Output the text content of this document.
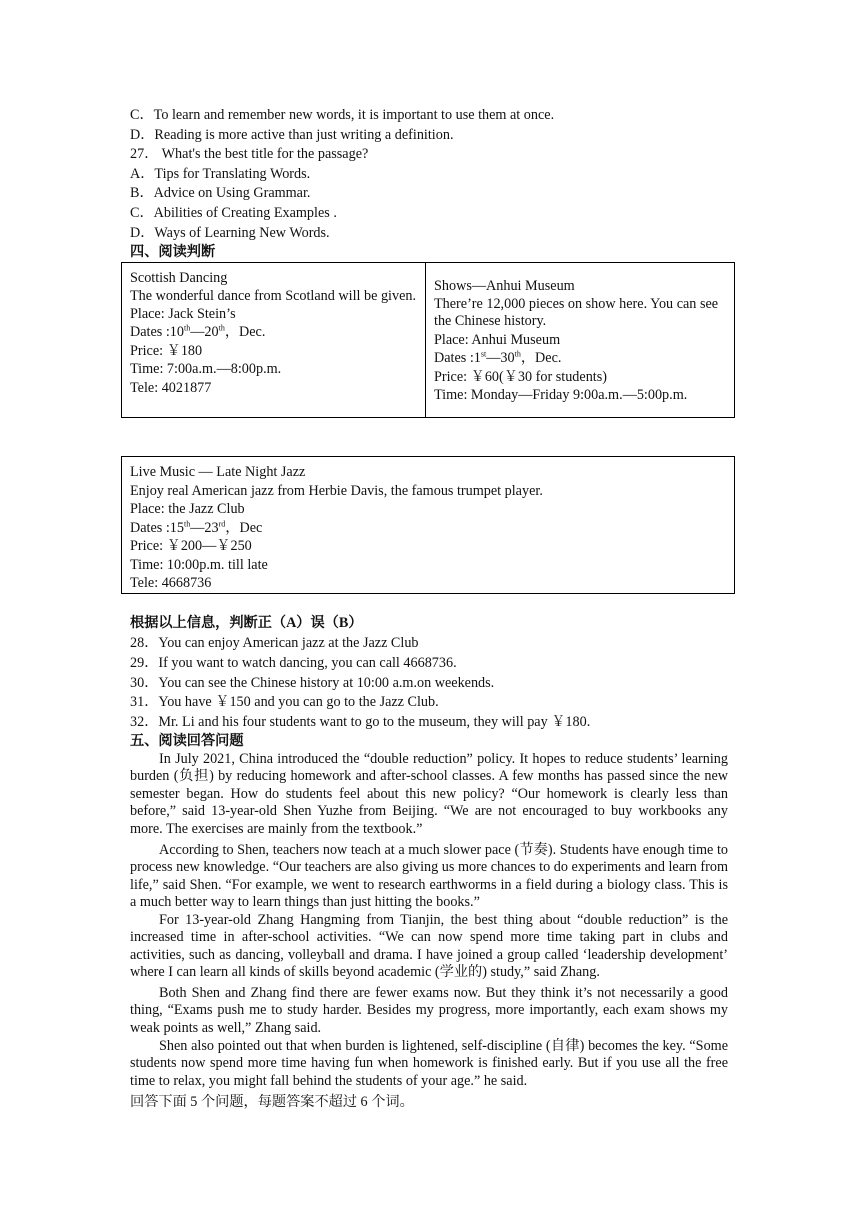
C．To learn and remember new words, it is important to use them at once.
D．Reading is more active than just writing a definition.
27． What's the best title for the passage?
A．Tips for Translating Words.
B．Advice on Using Grammar.
C．Abilities of Creating Examples .
D．Ways of Learning New Words.
四、阅读判断
Scottish Dancing
The wonderful dance from Scotland will be given.
Place: Jack Stein’s
Dates :10th—20th，Dec.
Price: ￥180
Time: 7:00a.m.—8:00p.m.
Tele: 4021877

Shows—Anhui Museum
There’re 12,000 pieces on show here. You can see the Chinese history.
Place: Anhui Museum
Dates :1st—30th，Dec.
Price: ￥60(￥30 for students)
Time: Monday—Friday 9:00a.m.—5:00p.m.
Live Music — Late Night Jazz
Enjoy real American jazz from Herbie Davis, the famous trumpet player.
Place: the Jazz Club
Dates :15th—23rd，Dec
Price: ￥200—￥250
Time: 10:00p.m. till late
Tele: 4668736
根据以上信息，判断正（A）误（B）
28．You can enjoy American jazz at the Jazz Club
29．If you want to watch dancing, you can call 4668736.
30．You can see the Chinese history at 10:00 a.m.on weekends.
31．You have ￥150 and you can go to the Jazz Club.
32．Mr. Li and his four students want to go to the museum, they will pay ￥180.
五、阅读回答问题
In July 2021, China introduced the “double reduction” policy. It hopes to reduce students’ learning burden (负担) by reducing homework and after-school classes. A few months has passed since the new semester began. How do students feel about this new policy? “Our homework is clearly less than before,” said 13-year-old Shen Yuzhe from Beijing. “We are not encouraged to buy workbooks any more. The exercises are mainly from the textbook.”
According to Shen, teachers now teach at a much slower pace (节奏). Students have enough time to process new knowledge. “Our teachers are also giving us more chances to do experiments and learn from life,” said Shen. “For example, we went to research earthworms in a field during a biology class. This is a much better way to learn things than just hitting the books.”
For 13-year-old Zhang Hangming from Tianjin, the best thing about “double reduction” is the increased time in after-school activities. “We can now spend more time taking part in clubs and activities, such as dancing, volleyball and drama. I have joined a group called ‘leadership development’ where I can learn all kinds of skills beyond academic (学业的) study,” said Zhang.
Both Shen and Zhang find there are fewer exams now. But they think it’s not necessarily a good thing, “Exams push me to study harder. Besides my progress, more importantly, each exam shows my weak points as well,” Zhang said.
Shen also pointed out that when burden is lightened, self-discipline (自律) becomes the key. “Some students now spend more time having fun when homework is finished early. But if you use all the free time to relax, you might fall behind the students of your age.” he said.
回答下面 5 个问题，每题答案不超过 6 个词。
